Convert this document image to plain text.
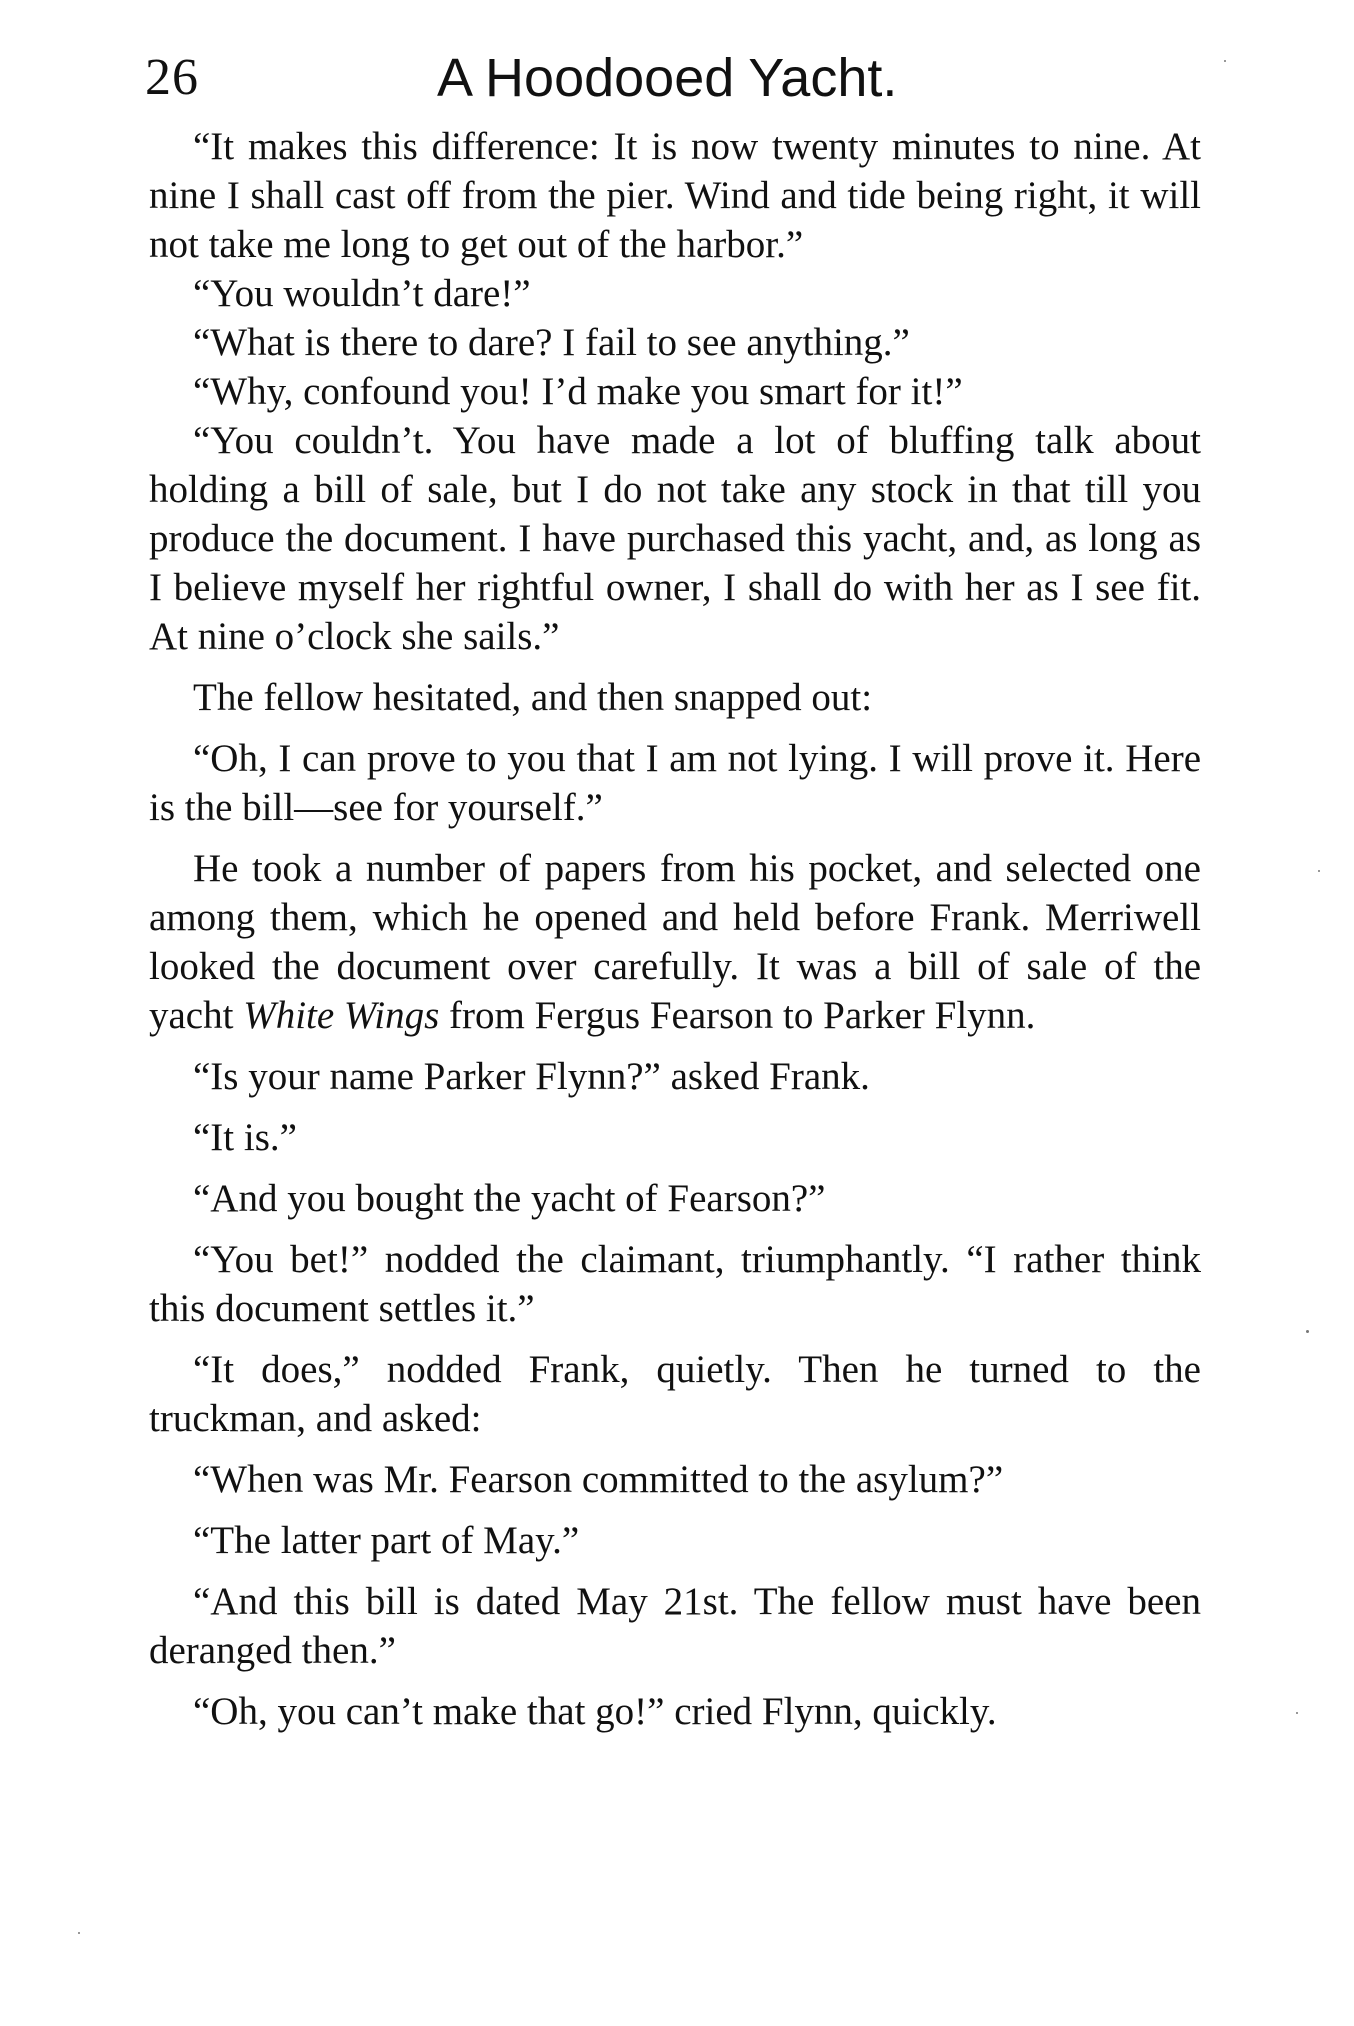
26	A Hoodooed Yacht.

“It makes this difference: It is now twenty minutes to nine. At nine I shall cast off from the pier. Wind and tide being right, it will not take me long to get out of the harbor.”

“You wouldn’t dare!”

“What is there to dare? I fail to see anything.”

“Why, confound you! I’d make you smart for it!”

“You couldn’t. You have made a lot of bluffing talk about holding a bill of sale, but I do not take any stock in that till you produce the document. I have purchased this yacht, and, as long as I believe myself her rightful owner, I shall do with her as I see fit. At nine o’clock she sails.”

The fellow hesitated, and then snapped out:

“Oh, I can prove to you that I am not lying. I will prove it. Here is the bill—see for yourself.”

He took a number of papers from his pocket, and selected one among them, which he opened and held before Frank. Merriwell looked the document over carefully. It was a bill of sale of the yacht White Wings from Fergus Fearson to Parker Flynn.

“Is your name Parker Flynn?” asked Frank.

“It is.”

“And you bought the yacht of Fearson?”

“You bet!” nodded the claimant, triumphantly. “I rather think this document settles it.”

“It does,” nodded Frank, quietly. Then he turned to the truckman, and asked:

“When was Mr. Fearson committed to the asylum?”

“The latter part of May.”

“And this bill is dated May 21st. The fellow must have been deranged then.”

“Oh, you can’t make that go!” cried Flynn, quickly.
